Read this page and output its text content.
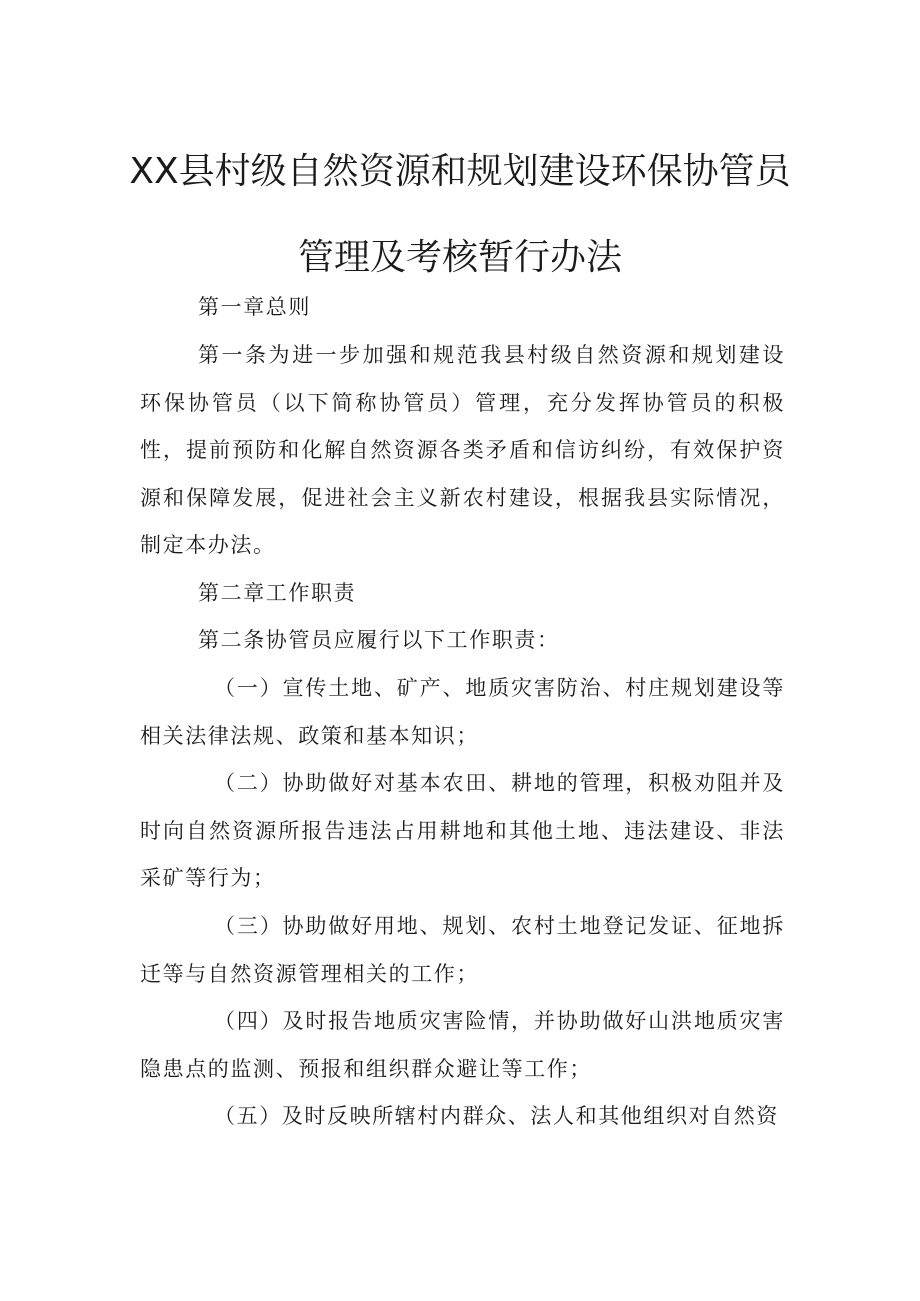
XX县村级自然资源和规划建设环保协管员
管理及考核暂行办法

第一章总则

第一条为进一步加强和规范我县村级自然资源和规划建设环保协管员（以下简称协管员）管理，充分发挥协管员的积极性，提前预防和化解自然资源各类矛盾和信访纠纷，有效保护资源和保障发展，促进社会主义新农村建设，根据我县实际情况，制定本办法。

第二章工作职责

第二条协管员应履行以下工作职责：

（一）宣传土地、矿产、地质灾害防治、村庄规划建设等相关法律法规、政策和基本知识；

（二）协助做好对基本农田、耕地的管理，积极劝阻并及时向自然资源所报告违法占用耕地和其他土地、违法建设、非法采矿等行为；

（三）协助做好用地、规划、农村土地登记发证、征地拆迁等与自然资源管理相关的工作；

（四）及时报告地质灾害险情，并协助做好山洪地质灾害隐患点的监测、预报和组织群众避让等工作；

（五）及时反映所辖村内群众、法人和其他组织对自然资
